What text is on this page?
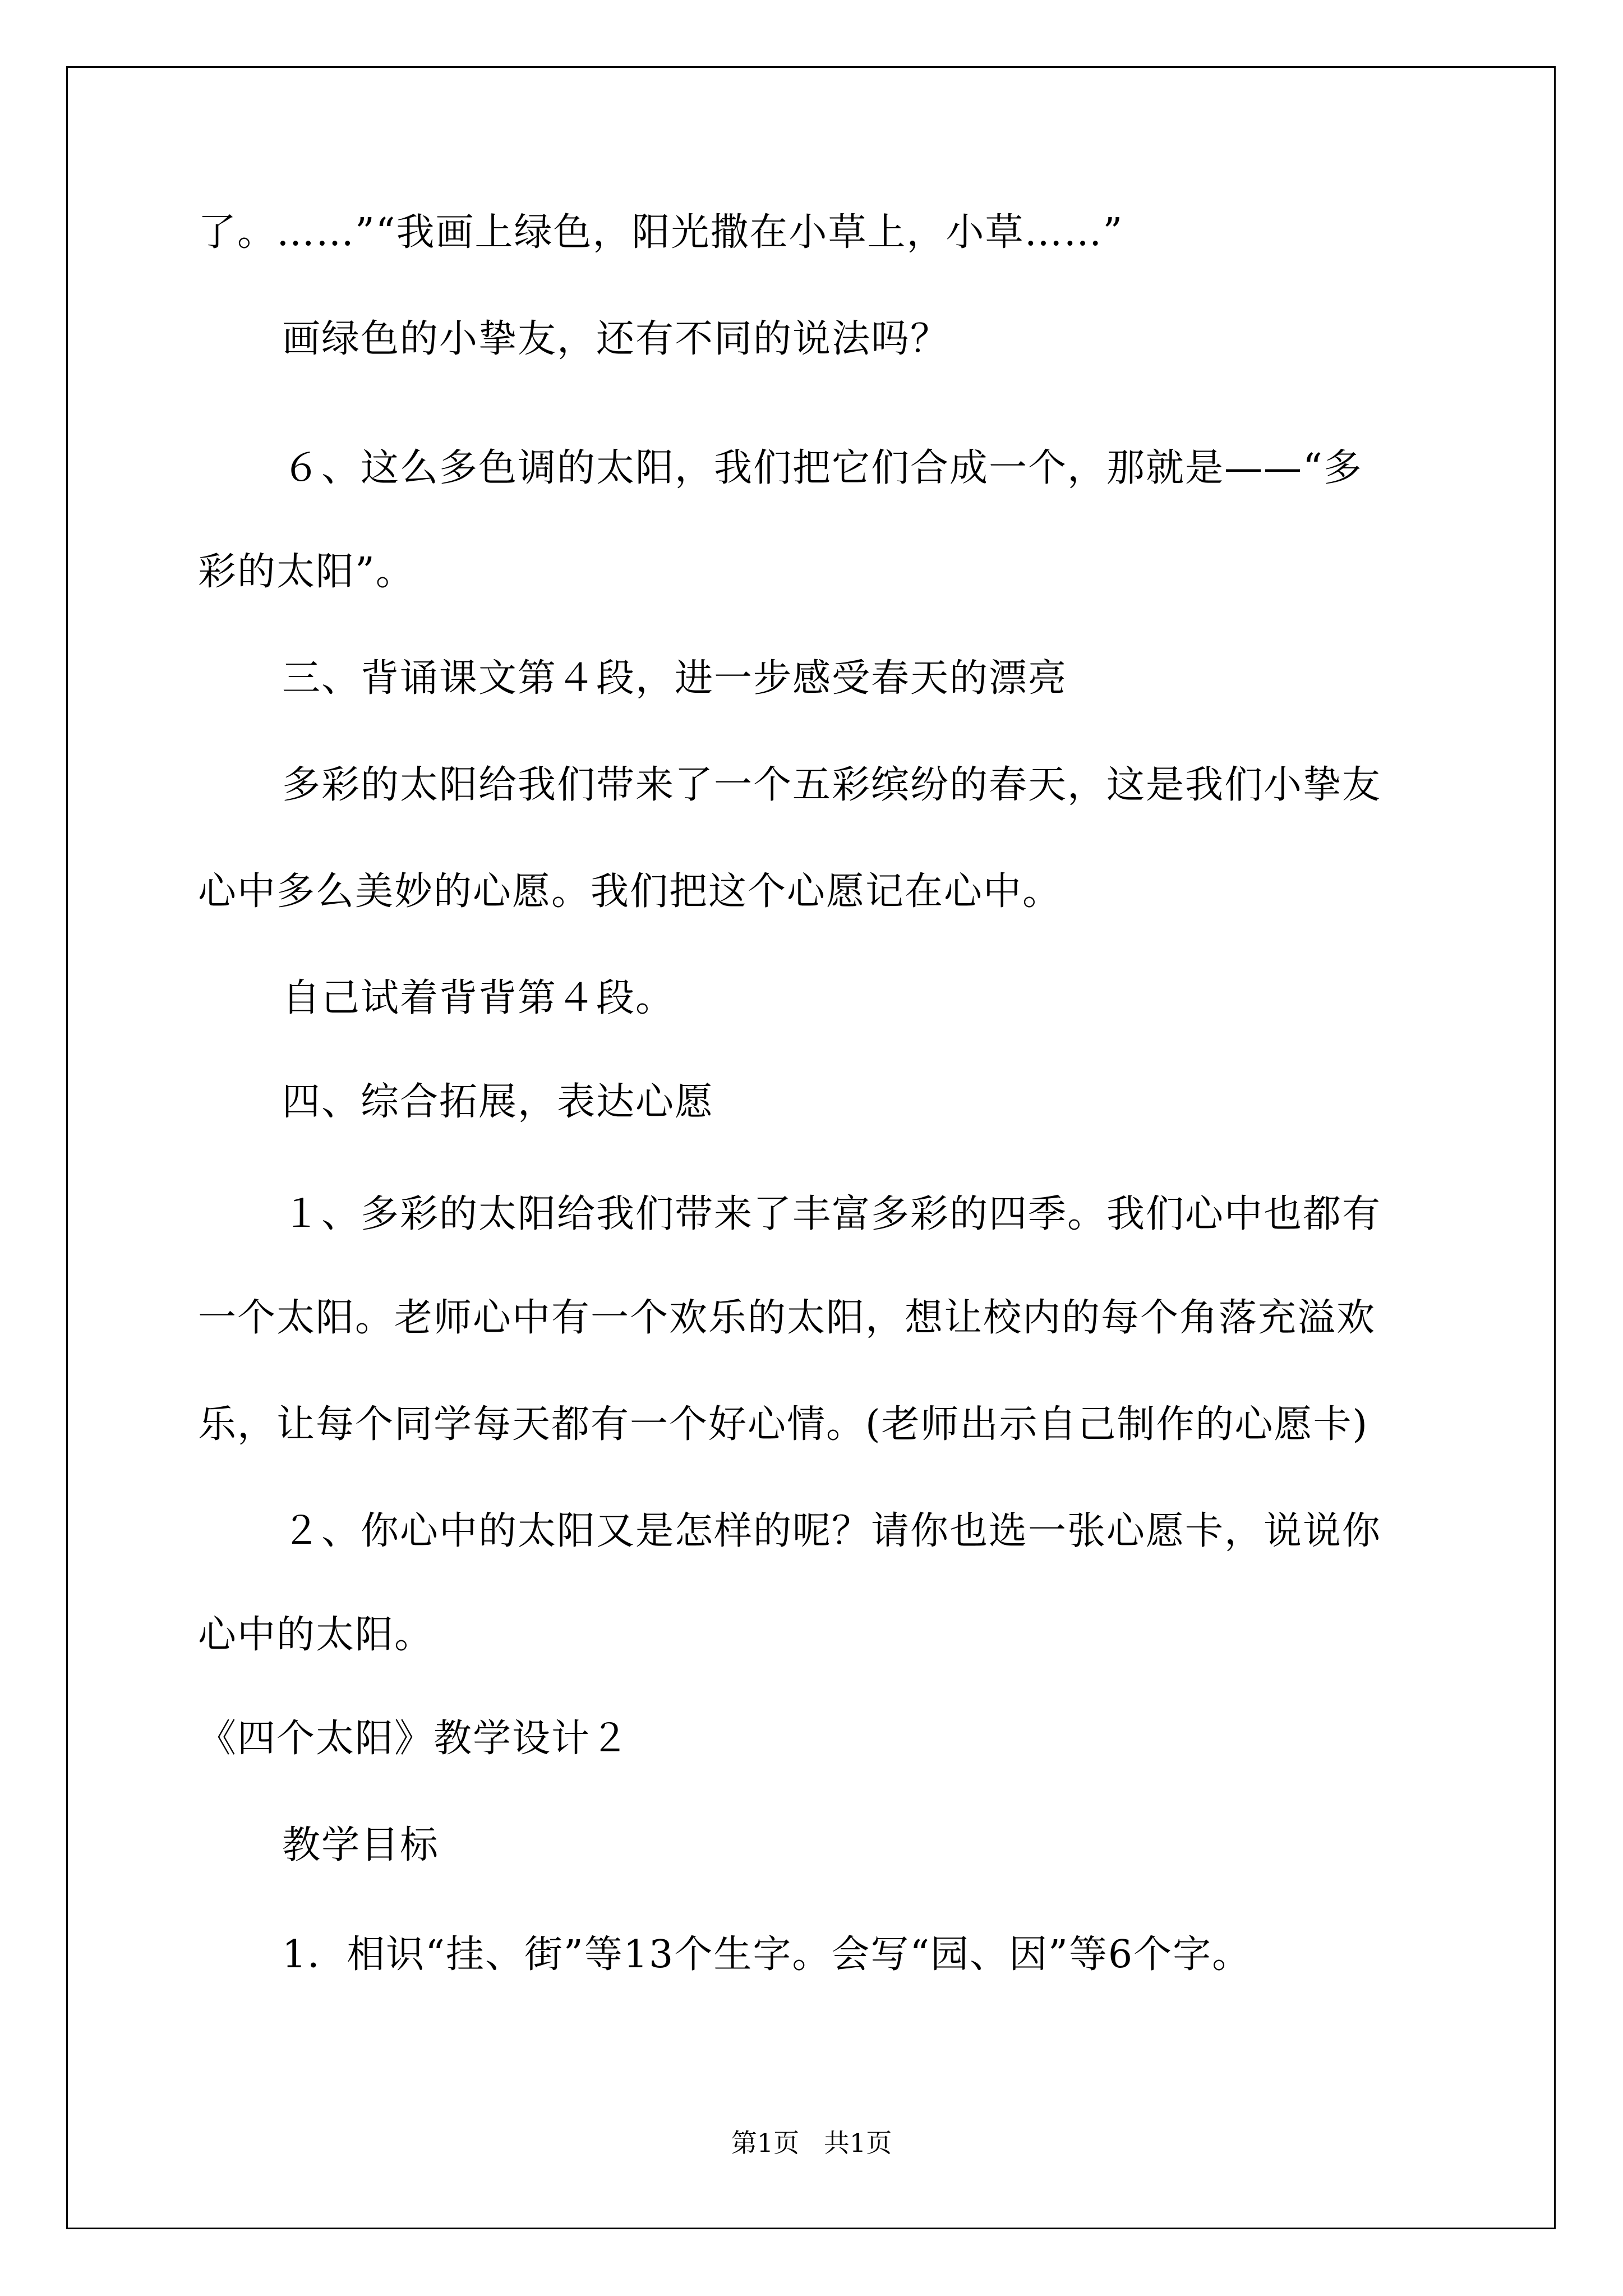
了。……”“我画上绿色，阳光撒在小草上，小草……”
画绿色的小挚友，还有不同的说法吗？
６、这么多色调的太阳，我们把它们合成一个，那就是——“多
彩的太阳”。
三、背诵课文第４段，进一步感受春天的漂亮
多彩的太阳给我们带来了一个五彩缤纷的春天，这是我们小挚友
心中多么美妙的心愿。我们把这个心愿记在心中。
自己试着背背第４段。
四、综合拓展，表达心愿
１、多彩的太阳给我们带来了丰富多彩的四季。我们心中也都有
一个太阳。老师心中有一个欢乐的太阳，想让校内的每个角落充溢欢
乐，让每个同学每天都有一个好心情。(老师出示自己制作的心愿卡)
２、你心中的太阳又是怎样的呢？请你也选一张心愿卡，说说你
心中的太阳。
《四个太阳》教学设计２
教学目标
1．相识“挂、街”等13个生字。会写“园、因”等6个字。
第1页   共1页
